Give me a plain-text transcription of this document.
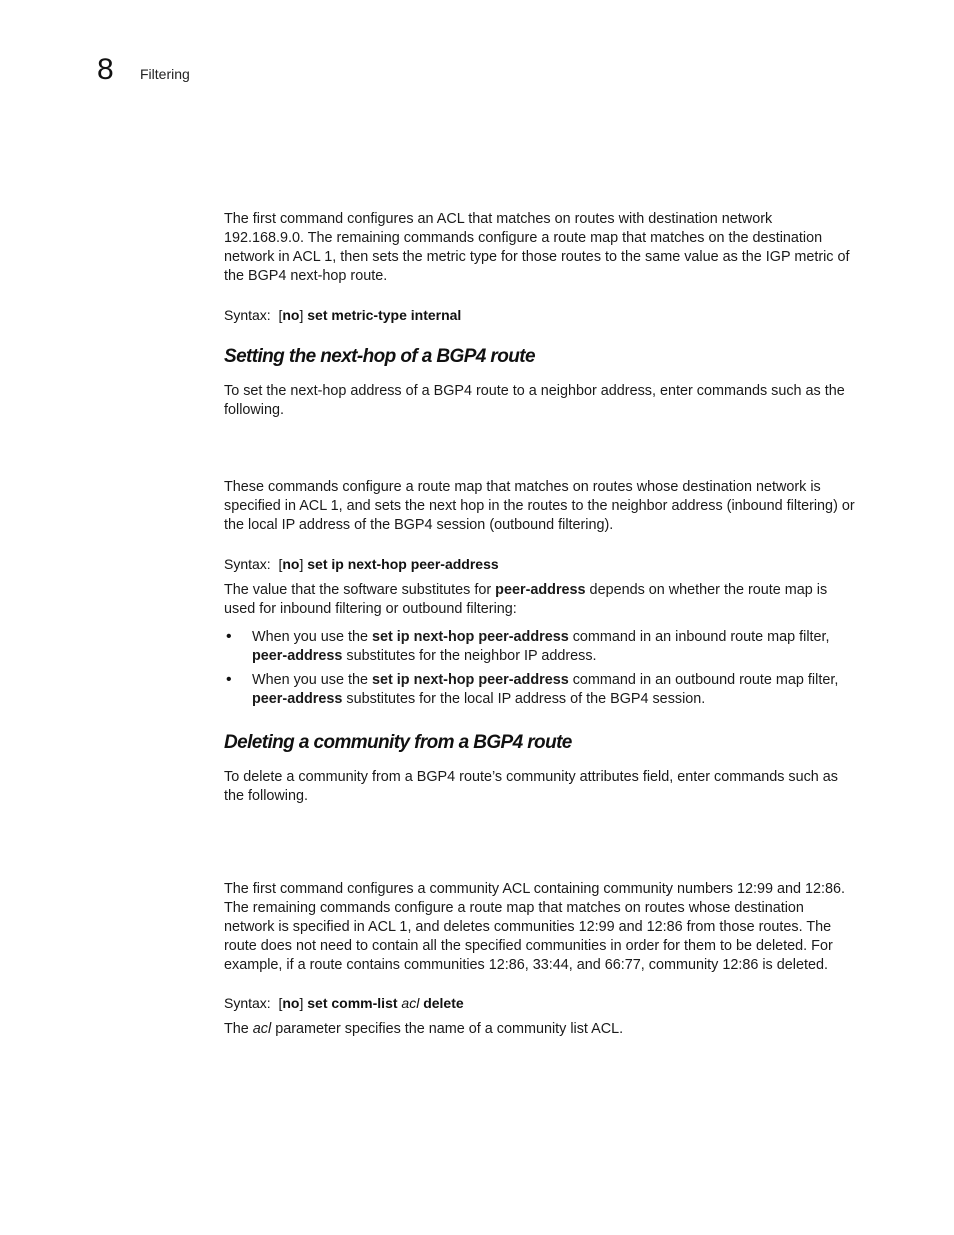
8 Filtering
The first command configures an ACL that matches on routes with destination network
192.168.9.0. The remaining commands configure a route map that matches on the destination
network in ACL 1, then sets the metric type for those routes to the same value as the IGP metric of
the BGP4 next-hop route.
Syntax: [no] set metric-type internal
Setting the next-hop of a BGP4 route
To set the next-hop address of a BGP4 route to a neighbor address, enter commands such as the
following.
These commands configure a route map that matches on routes whose destination network is
specified in ACL 1, and sets the next hop in the routes to the neighbor address (inbound filtering) or
the local IP address of the BGP4 session (outbound filtering).
Syntax: [no] set ip next-hop peer-address
The value that the software substitutes for peer-address depends on whether the route map is
used for inbound filtering or outbound filtering:
• When you use the set ip next-hop peer-address command in an inbound route map filter,
peer-address substitutes for the neighbor IP address.
• When you use the set ip next-hop peer-address command in an outbound route map filter,
peer-address substitutes for the local IP address of the BGP4 session.
Deleting a community from a BGP4 route
To delete a community from a BGP4 route’s community attributes field, enter commands such as
the following.
The first command configures a community ACL containing community numbers 12:99 and 12:86.
The remaining commands configure a route map that matches on routes whose destination
network is specified in ACL 1, and deletes communities 12:99 and 12:86 from those routes. The
route does not need to contain all the specified communities in order for them to be deleted. For
example, if a route contains communities 12:86, 33:44, and 66:77, community 12:86 is deleted.
Syntax: [no] set comm-list acl delete
The acl parameter specifies the name of a community list ACL.
